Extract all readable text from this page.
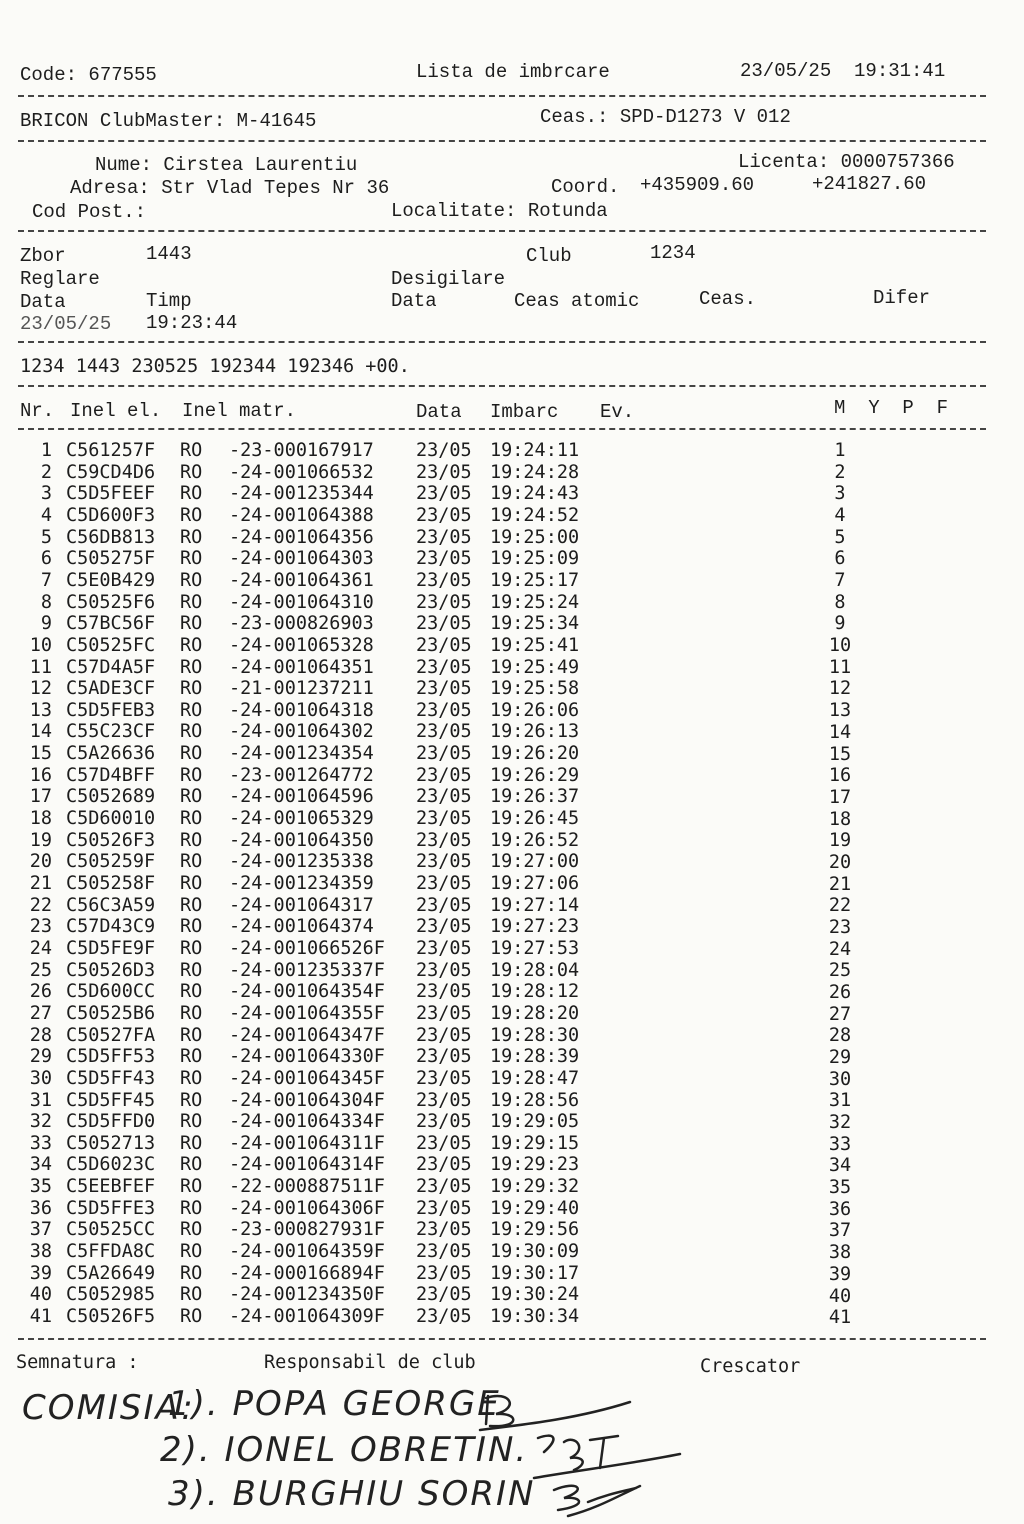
Code: 677555	Lista de imbrcare	23/05/25  19:31:41
BRICON ClubMaster: M-41645	Ceas.: SPD-D1273 V 012
Nume: Cirstea Laurentiu	Licenta: 0000757366
Adresa: Str Vlad Tepes Nr 36	Coord. +435909.60	+241827.60
Cod Post.:	Localitate: Rotunda
Zbor	1443	Club	1234
Reglare	Desigilare
Data	Timp	Data	Ceas atomic	Ceas.	Difer
23/05/25 19:23:44
1234 1443 230525 192344 192346 +00.
Nr. Inel el. Inel matr.	Data Imbarc Ev.	M  Y  P  F
1 C561257F RO -23-000167917 23/05 19:24:11	1
2 C59CD4D6 RO -24-001066532 23/05 19:24:28	2
3 C5D5FEEF RO -24-001235344 23/05 19:24:43	3
4 C5D600F3 RO -24-001064388 23/05 19:24:52	4
5 C56DB813 RO -24-001064356 23/05 19:25:00	5
6 C505275F RO -24-001064303 23/05 19:25:09	6
7 C5E0B429 RO -24-001064361 23/05 19:25:17	7
8 C50525F6 RO -24-001064310 23/05 19:25:24	8
9 C57BC56F RO -23-000826903 23/05 19:25:34	9
10 C50525FC RO -24-001065328 23/05 19:25:41	10
11 C57D4A5F RO -24-001064351 23/05 19:25:49	11
12 C5ADE3CF RO -21-001237211 23/05 19:25:58	12
13 C5D5FEB3 RO -24-001064318 23/05 19:26:06	13
14 C55C23CF RO -24-001064302 23/05 19:26:13	14
15 C5A26636 RO -24-001234354 23/05 19:26:20	15
16 C57D4BFF RO -23-001264772 23/05 19:26:29	16
17 C5052689 RO -24-001064596 23/05 19:26:37	17
18 C5D60010 RO -24-001065329 23/05 19:26:45	18
19 C50526F3 RO -24-001064350 23/05 19:26:52	19
20 C505259F RO -24-001235338 23/05 19:27:00	20
21 C505258F RO -24-001234359 23/05 19:27:06	21
22 C56C3A59 RO -24-001064317 23/05 19:27:14	22
23 C57D43C9 RO -24-001064374 23/05 19:27:23	23
24 C5D5FE9F RO -24-001066526F 23/05 19:27:53	24
25 C50526D3 RO -24-001235337F 23/05 19:28:04	25
26 C5D600CC RO -24-001064354F 23/05 19:28:12	26
27 C50525B6 RO -24-001064355F 23/05 19:28:20	27
28 C50527FA RO -24-001064347F 23/05 19:28:30	28
29 C5D5FF53 RO -24-001064330F 23/05 19:28:39	29
30 C5D5FF43 RO -24-001064345F 23/05 19:28:47	30
31 C5D5FF45 RO -24-001064304F 23/05 19:28:56	31
32 C5D5FFD0 RO -24-001064334F 23/05 19:29:05	32
33 C5052713 RO -24-001064311F 23/05 19:29:15	33
34 C5D6023C RO -24-001064314F 23/05 19:29:23	34
35 C5EEBFEF RO -22-000887511F 23/05 19:29:32	35
36 C5D5FFE3 RO -24-001064306F 23/05 19:29:40	36
37 C50525CC RO -23-000827931F 23/05 19:29:56	37
38 C5FFDA8C RO -24-001064359F 23/05 19:30:09	38
39 C5A26649 RO -24-000166894F 23/05 19:30:17	39
40 C5052985 RO -24-001234350F 23/05 19:30:24	40
41 C50526F5 RO -24-001064309F 23/05 19:30:34	41
Semnatura :	Responsabil de club	Crescator
COMISIA:
1). POPA GEORGE
2). IONEL OBRETIN.
3). BURGHIU SORIN
